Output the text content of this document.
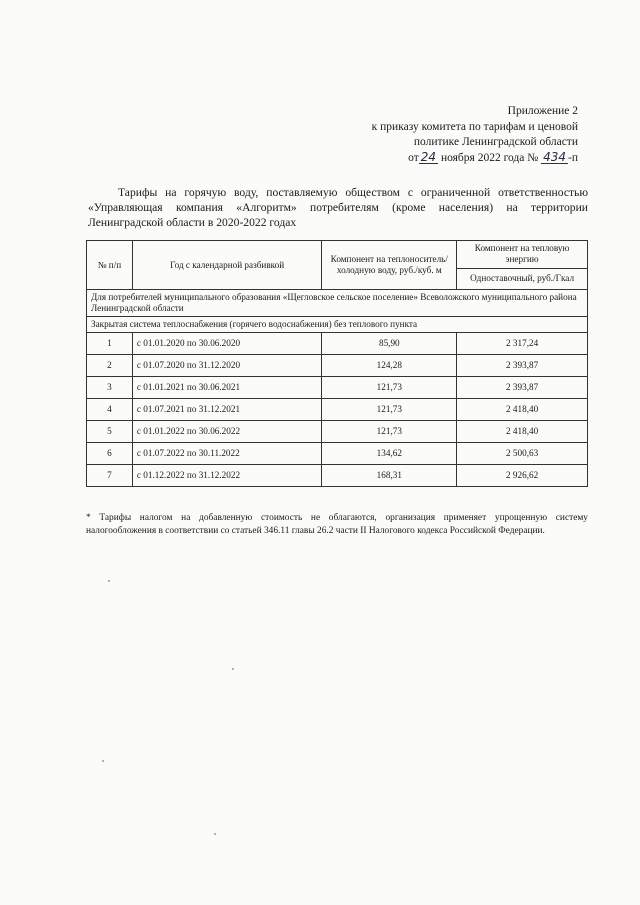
Приложение 2
к приказу комитета по тарифам и ценовой
политике Ленинградской области
от 24 ноября 2022 года № 434 -п
Тарифы на горячую воду, поставляемую обществом с ограниченной ответственностью «Управляющая компания «Алгоритм» потребителям (кроме населения) на территории Ленинградской области в 2020-2022 годах
№ п/п	Год с календарной разбивкой	Компонент на теплоноситель/ холодную воду, руб./куб. м	Компонент на тепловую энергию
			Одноставочный, руб./Гкал
Для потребителей муниципального образования «Щегловское сельское поселение» Всеволожского муниципального района Ленинградской области			
Закрытая система теплоснабжения (горячего водоснабжения) без теплового пункта			
1	с 01.01.2020 по 30.06.2020	85,90	2 317,24
2	с 01.07.2020 по 31.12.2020	124,28	2 393,87
3	с 01.01.2021 по 30.06.2021	121,73	2 393,87
4	с 01.07.2021 по 31.12.2021	121,73	2 418,40
5	с 01.01.2022 по 30.06.2022	121,73	2 418,40
6	с 01.07.2022 по 30.11.2022	134,62	2 500,63
7	с 01.12.2022 по 31.12.2022	168,31	2 926,62
* Тарифы налогом на добавленную стоимость не облагаются, организация применяет упрощенную систему налогообложения в соответствии со статьей 346.11 главы 26.2 части II Налогового кодекса Российской Федерации.
